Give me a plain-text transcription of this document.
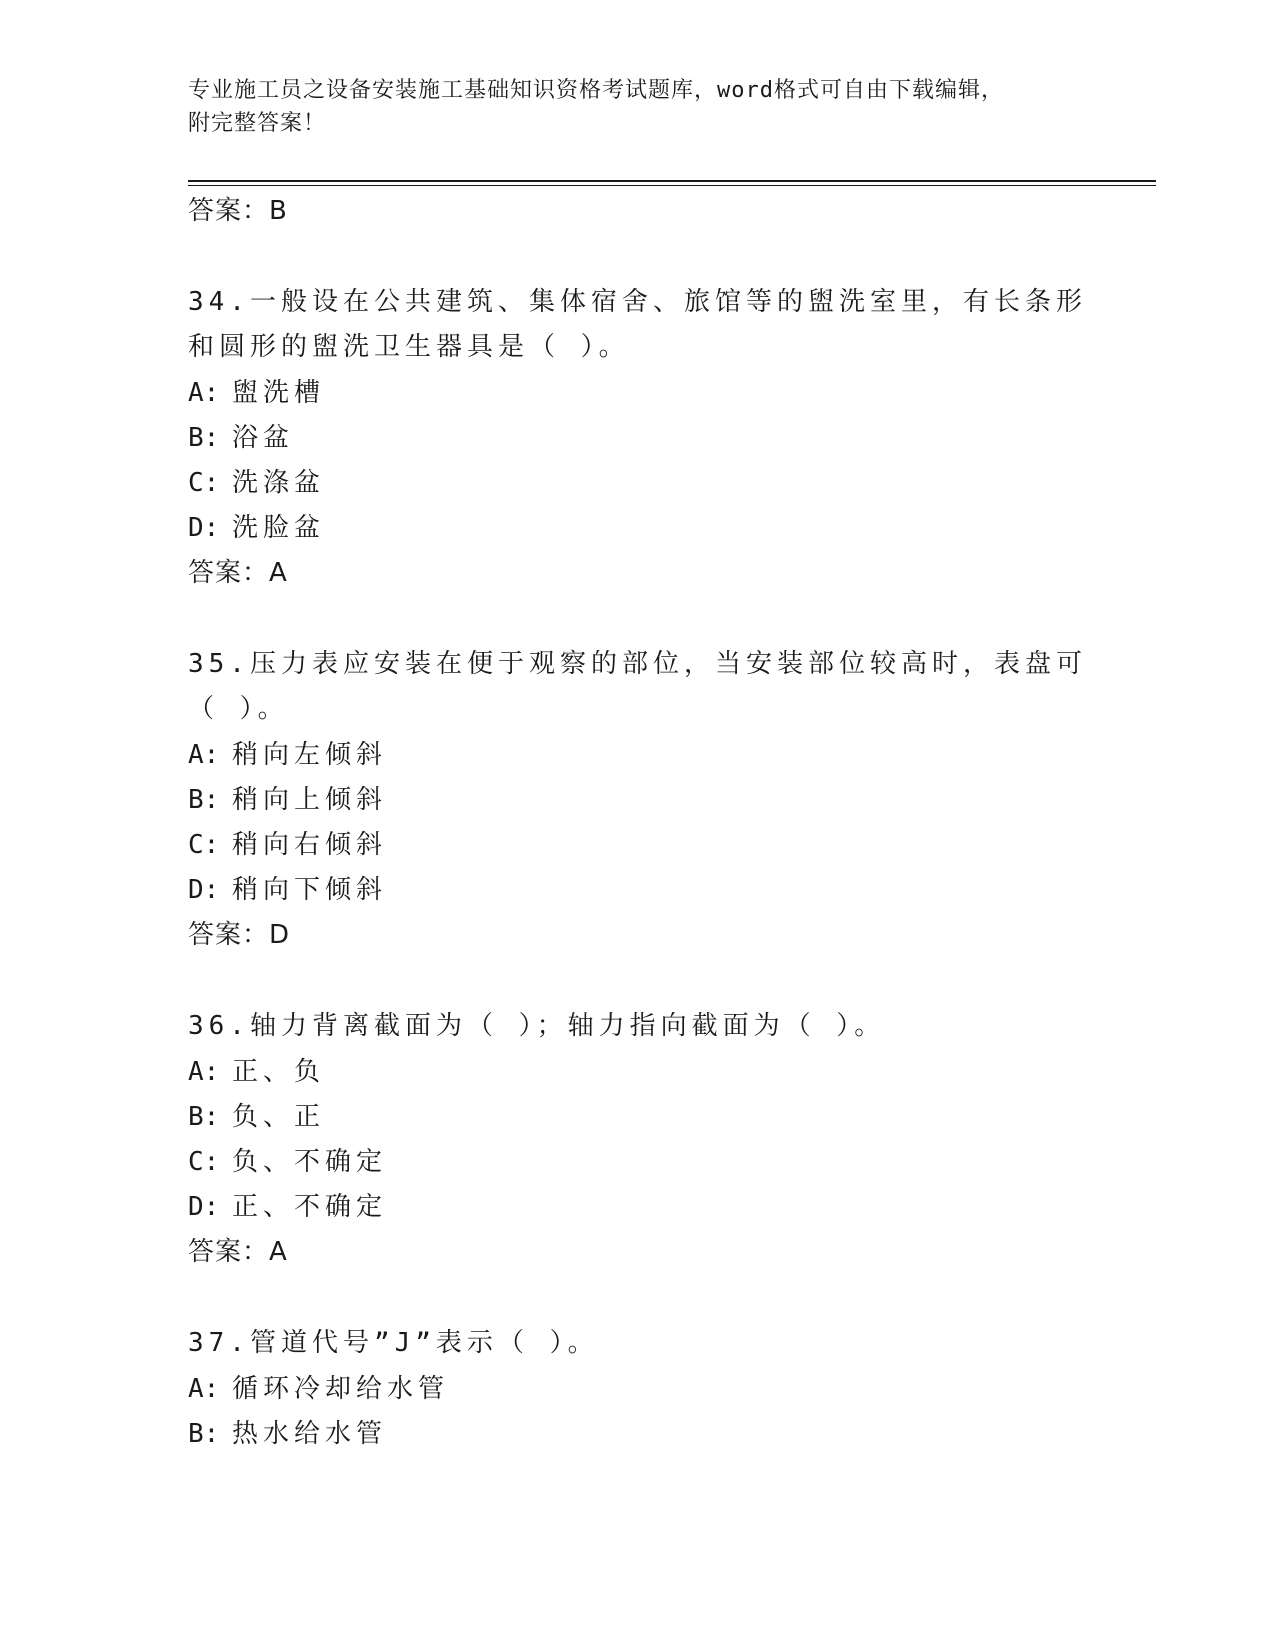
专业施工员之设备安装施工基础知识资格考试题库，word格式可自由下载编辑，
附完整答案！
答案：B
34.一般设在公共建筑、集体宿舍、旅馆等的盥洗室里，有长条形和圆形的盥洗卫生器具是（ ）。
A: 盥洗槽
B: 浴盆
C: 洗涤盆
D: 洗脸盆
答案：A
35.压力表应安装在便于观察的部位，当安装部位较高时，表盘可（ ）。
A: 稍向左倾斜
B: 稍向上倾斜
C: 稍向右倾斜
D: 稍向下倾斜
答案：D
36.轴力背离截面为（ ）；轴力指向截面为（ ）。
A: 正、负
B: 负、正
C: 负、不确定
D: 正、不确定
答案：A
37.管道代号”J”表示（ ）。
A: 循环冷却给水管
B: 热水给水管
